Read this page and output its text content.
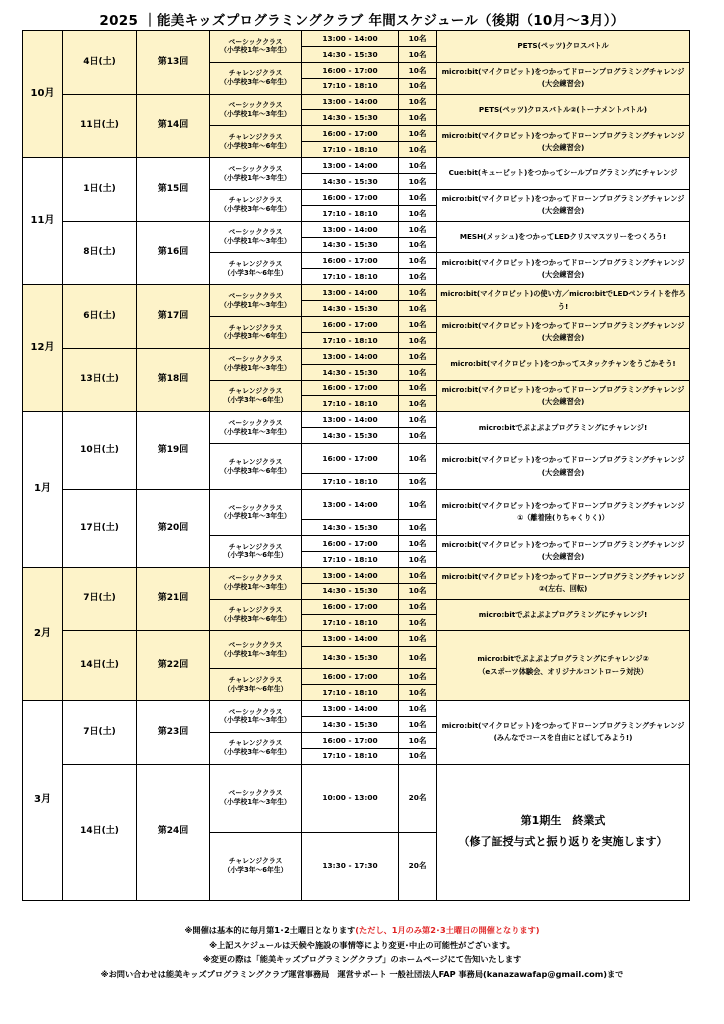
2025 ｜能美キッズプログラミングクラブ 年間スケジュール（後期（10月～3月））
10月	4日(土)	第13回	ベーシッククラス
（小学校1年～3年生）	13:00 - 14:00	10名	PETS(ペッツ)クロスバトル
				14:30 - 15:30	10名	
			チャレンジクラス
（小学校3年～6年生）	16:00 - 17:00	10名	micro:bit(マイクロビット)をつかってドローンプログラミングチャレンジ(大会練習会)
				17:10 - 18:10	10名	
	11日(土)	第14回	ベーシッククラス
（小学校1年～3年生）	13:00 - 14:00	10名	PETS(ペッツ)クロスバトル②(トーナメントバトル)
				14:30 - 15:30	10名	
			チャレンジクラス
（小学校3年～6年生）	16:00 - 17:00	10名	micro:bit(マイクロビット)をつかってドローンプログラミングチャレンジ(大会練習会)
				17:10 - 18:10	10名	
11月	1日(土)	第15回	ベーシッククラス
（小学校1年～3年生）	13:00 - 14:00	10名	Cue:bit(キュービット)をつかってシールプログラミングにチャレンジ
				14:30 - 15:30	10名	
			チャレンジクラス
（小学校3年～6年生）	16:00 - 17:00	10名	micro:bit(マイクロビット)をつかってドローンプログラミングチャレンジ(大会練習会)
				17:10 - 18:10	10名	
	8日(土)	第16回	ベーシッククラス
（小学校1年～3年生）	13:00 - 14:00	10名	MESH(メッシュ)をつかってLEDクリスマスツリーをつくろう!
				14:30 - 15:30	10名	
			チャレンジクラス
（小学3年～6年生）	16:00 - 17:00	10名	micro:bit(マイクロビット)をつかってドローンプログラミングチャレンジ(大会練習会)
				17:10 - 18:10	10名	
12月	6日(土)	第17回	ベーシッククラス
（小学校1年～3年生）	13:00 - 14:00	10名	micro:bit(マイクロビット)の使い方／micro:bitでLEDペンライトを作ろう!
				14:30 - 15:30	10名	
			チャレンジクラス
（小学校3年～6年生）	16:00 - 17:00	10名	micro:bit(マイクロビット)をつかってドローンプログラミングチャレンジ(大会練習会)
				17:10 - 18:10	10名	
	13日(土)	第18回	ベーシッククラス
（小学校1年～3年生）	13:00 - 14:00	10名	micro:bit(マイクロビット)をつかってスタックチャンをうごかそう!
				14:30 - 15:30	10名	
			チャレンジクラス
（小学3年～6年生）	16:00 - 17:00	10名	micro:bit(マイクロビット)をつかってドローンプログラミングチャレンジ(大会練習会)
				17:10 - 18:10	10名	
1月	10日(土)	第19回	ベーシッククラス
（小学校1年～3年生）	13:00 - 14:00	10名	micro:bitでぷよぷよプログラミングにチャレンジ!
				14:30 - 15:30	10名	
			チャレンジクラス
（小学校3年～6年生）	16:00 - 17:00	10名	micro:bit(マイクロビット)をつかってドローンプログラミングチャレンジ(大会練習会)
				17:10 - 18:10	10名	
	17日(土)	第20回	ベーシッククラス
（小学校1年～3年生）	13:00 - 14:00	10名	micro:bit(マイクロビット)をつかってドローンプログラミングチャレンジ①（離着陸(りちゃくりく)）
				14:30 - 15:30	10名	
			チャレンジクラス
（小学3年～6年生）	16:00 - 17:00	10名	micro:bit(マイクロビット)をつかってドローンプログラミングチャレンジ(大会練習会)
				17:10 - 18:10	10名	
2月	7日(土)	第21回	ベーシッククラス
（小学校1年～3年生）	13:00 - 14:00	10名	micro:bit(マイクロビット)をつかってドローンプログラミングチャレンジ②(左右、回転)
				14:30 - 15:30	10名	
			チャレンジクラス
（小学校3年～6年生）	16:00 - 17:00	10名	micro:bitでぷよぷよプログラミングにチャレンジ!
				17:10 - 18:10	10名	
	14日(土)	第22回	ベーシッククラス
（小学校1年～3年生）	13:00 - 14:00	10名	micro:bitでぷよぷよプログラミングにチャレンジ②
（eスポーツ体験会、オリジナルコントローラ対決）
				14:30 - 15:30	10名	
			チャレンジクラス
（小学3年～6年生）	16:00 - 17:00	10名	
				17:10 - 18:10	10名	
3月	7日(土)	第23回	ベーシッククラス
（小学校1年～3年生）	13:00 - 14:00	10名	micro:bit(マイクロビット)をつかってドローンプログラミングチャレンジ(みんなでコースを自由にとばしてみよう!)
				14:30 - 15:30	10名	
			チャレンジクラス
（小学校3年～6年生）	16:00 - 17:00	10名	
				17:10 - 18:10	10名	
	14日(土)	第24回	ベーシッククラス
（小学校1年～3年生）	10:00 - 13:00	20名	第1期生　終業式
（修了証授与式と振り返りを実施します）
			チャレンジクラス
（小学3年～6年生）	13:30 - 17:30	20名	
※開催は基本的に毎月第1･2土曜日となります(ただし、1月のみ第2･3土曜日の開催となります)
※上記スケジュールは天候や施設の事情等により変更･中止の可能性がございます。
※変更の際は「能美キッズプログラミングクラブ」のホームページにて告知いたします
※お問い合わせは能美キッズプログラミングクラブ運営事務局　運営サポート 一般社団法人FAP 事務局(kanazawafap@gmail.com)まで
